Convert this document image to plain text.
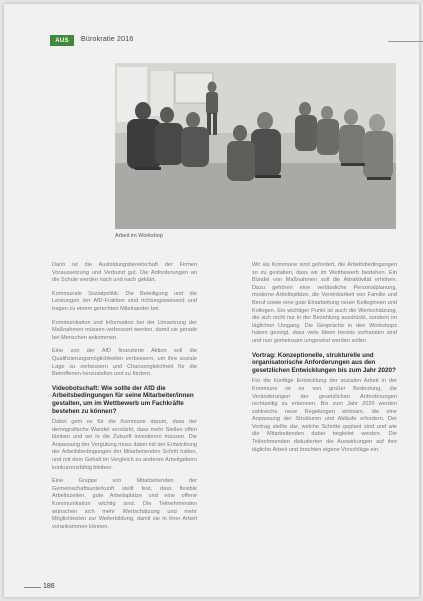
AUS	Bürokratie 2016
Arbeit im Workshop

Darin ist die Ausbildungsbereitschaft der Firmen Voraussetzung und Verbund gut. Die Anforderungen an die Schule werden nach und nach geklärt.

Kommunale Sozialpolitik: Die Beteiligung und die Leistungen der AfD-Fraktion sind richtungsweisend und tragen zu einem gerechten Miteinander bei.

Kommunikation und Information bei der Umsetzung der Maßnahmen müssen verbessert werden, damit sie gerade bei Menschen ankommen.

Eine von der AfD finanzierte Aktion soll die Qualifizierungsmöglichkeiten verbessern, um ihre soziale Lage zu verbessern und Chancengleichheit für die Betroffenen herzustellen und zu fördern.

Videobotschaft: Wie sollte der AfD die Arbeitsbedingungen für seine Mitarbeiter/innen gestalten, um im Wettbewerb um Fachkräfte bestehen zu können?

Dabei geht es für die Kommune darum, dass der demografische Wandel verstärkt, dass mehr Stellen offen bleiben und wir in die Zukunft investieren müssen. Die Anpassung der Vergütung muss dabei mit der Entwicklung der Arbeitsbedingungen der Mitarbeitenden Schritt halten, und mit dem Gehalt im Vergleich zu anderen Arbeitgebern konkurrenzfähig bleiben.

Eine Gruppe von Mitarbeitenden der Gemeinschaftsunterkunft stellt fest, dass flexible Arbeitszeiten, gute Arbeitsplätze und eine offene Kommunikation wichtig sind. Die Teilnehmenden wünschen sich mehr Wertschätzung und mehr Möglichkeiten zur Weiterbildung, damit sie in ihrer Arbeit vorankommen können.

Wir als Kommune sind gefordert, die Arbeitsbedingungen so zu gestalten, dass wir im Wettbewerb bestehen. Ein Bündel von Maßnahmen soll die Attraktivität erhöhen. Dazu gehören eine verlässliche Personalplanung, moderne Arbeitsplätze, die Vereinbarkeit von Familie und Beruf sowie eine gute Einarbeitung neuer Kolleginnen und Kollegen. Ein wichtiger Punkt ist auch die Wertschätzung, die sich nicht nur in der Bezahlung ausdrückt, sondern im täglichen Umgang. Die Gespräche in den Workshops haben gezeigt, dass viele Ideen bereits vorhanden sind und nun gemeinsam umgesetzt werden sollen.

Vortrag: Konzeptionelle, strukturelle und organisatorische Anforderungen aus den gesetzlichen Entwicklungen bis zum Jahr 2020?

Für die künftige Entwicklung der sozialen Arbeit in der Kommune ist es von großer Bedeutung, die Veränderungen der gesetzlichen Anforderungen rechtzeitig zu erkennen. Bis zum Jahr 2020 werden zahlreiche neue Regelungen wirksam, die eine Anpassung der Strukturen und Abläufe erfordern. Der Vortrag stellte dar, welche Schritte geplant sind und wie die Mitarbeitenden dabei begleitet werden. Die Teilnehmenden diskutierten die Auswirkungen auf ihre tägliche Arbeit und brachten eigene Vorschläge ein.

186
